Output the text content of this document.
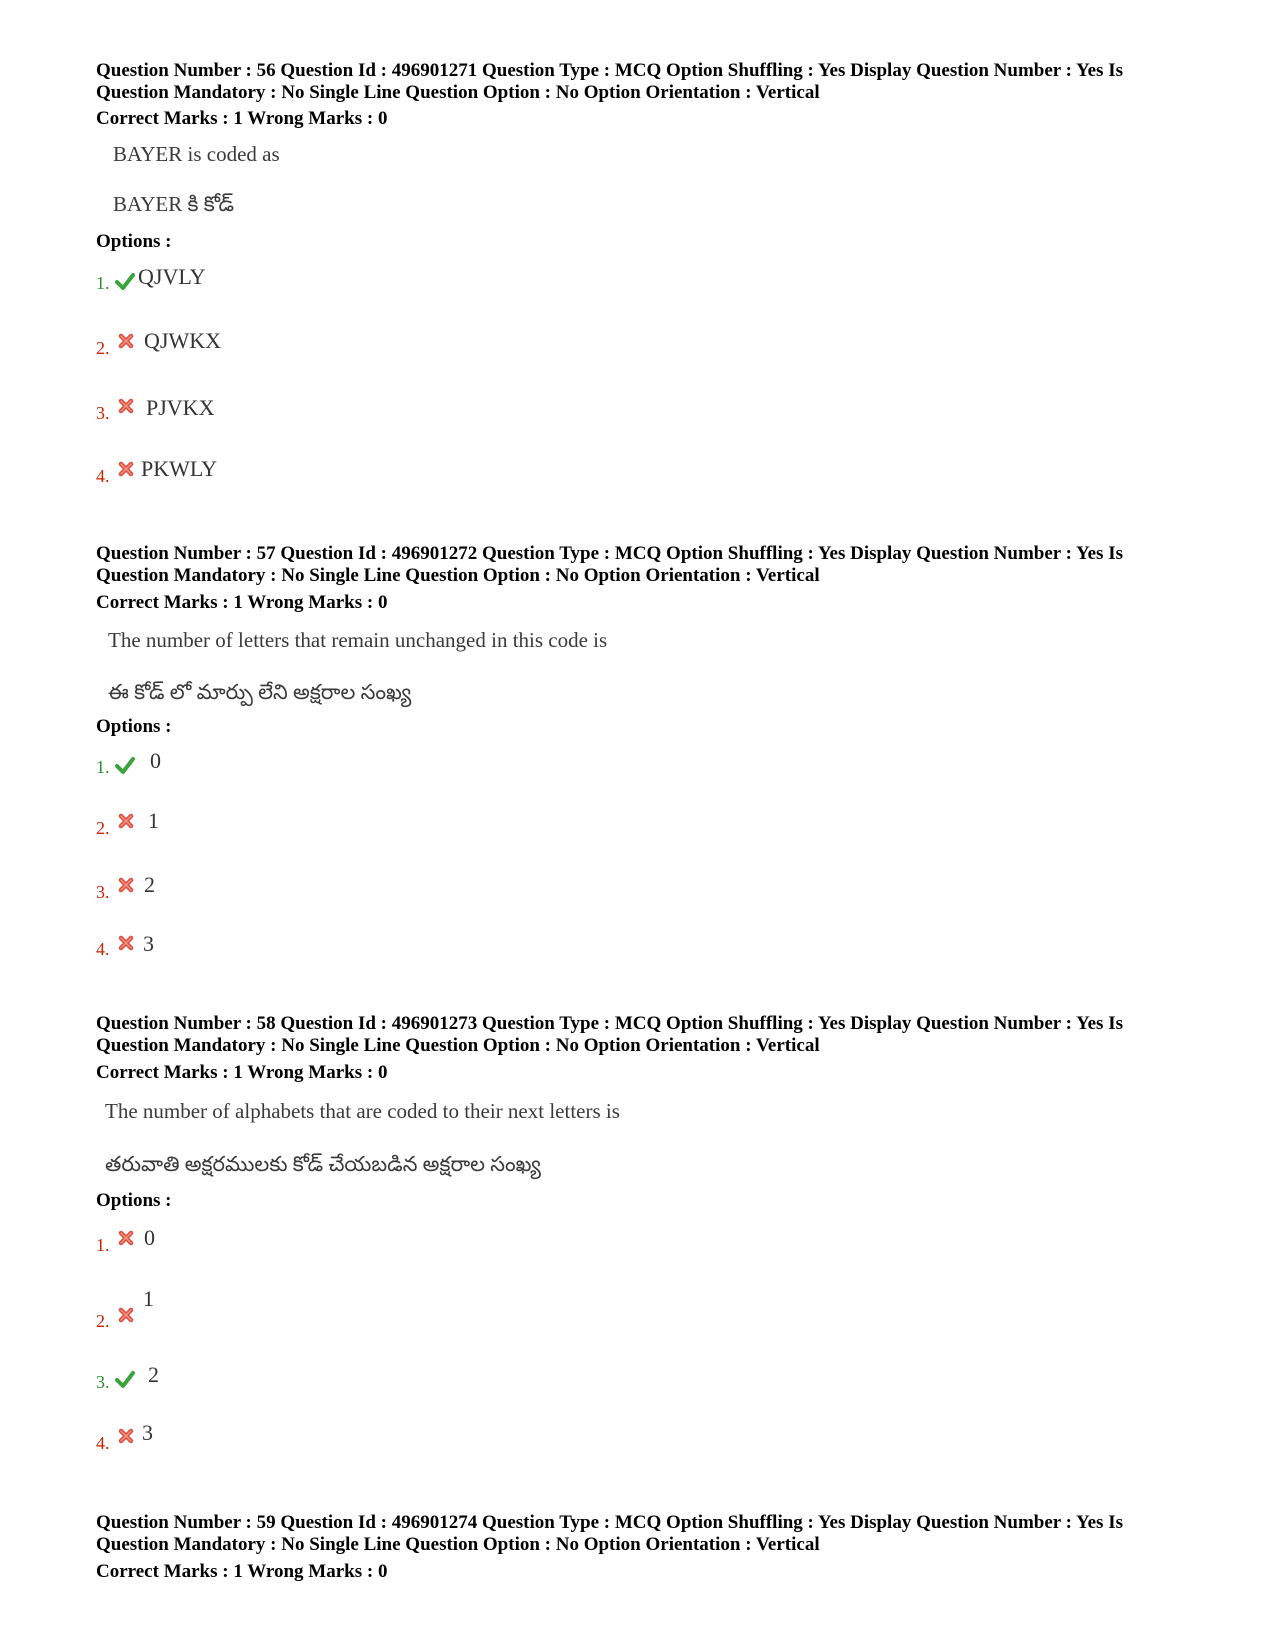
Question Number : 56 Question Id : 496901271 Question Type : MCQ Option Shuffling : Yes Display Question Number : Yes Is
Question Mandatory : No Single Line Question Option : No Option Orientation : Vertical
Correct Marks : 1 Wrong Marks : 0
BAYER is coded as
BAYER కి కోడ్
Options :
1. QJVLY
2. QJWKX
3. PJVKX
4. PKWLY
Question Number : 57 Question Id : 496901272 Question Type : MCQ Option Shuffling : Yes Display Question Number : Yes Is
Question Mandatory : No Single Line Question Option : No Option Orientation : Vertical
Correct Marks : 1 Wrong Marks : 0
The number of letters that remain unchanged in this code is
ఈ కోడ్ లో మార్పు లేని అక్షరాల సంఖ్య
Options :
1. 0
2. 1
3. 2
4. 3
Question Number : 58 Question Id : 496901273 Question Type : MCQ Option Shuffling : Yes Display Question Number : Yes Is
Question Mandatory : No Single Line Question Option : No Option Orientation : Vertical
Correct Marks : 1 Wrong Marks : 0
The number of alphabets that are coded to their next letters is
తరువాతి అక్షరములకు కోడ్ చేయబడిన అక్షరాల సంఖ్య
Options :
1. 0
2.
1
3. 2
4. 3
Question Number : 59 Question Id : 496901274 Question Type : MCQ Option Shuffling : Yes Display Question Number : Yes Is
Question Mandatory : No Single Line Question Option : No Option Orientation : Vertical
Correct Marks : 1 Wrong Marks : 0
